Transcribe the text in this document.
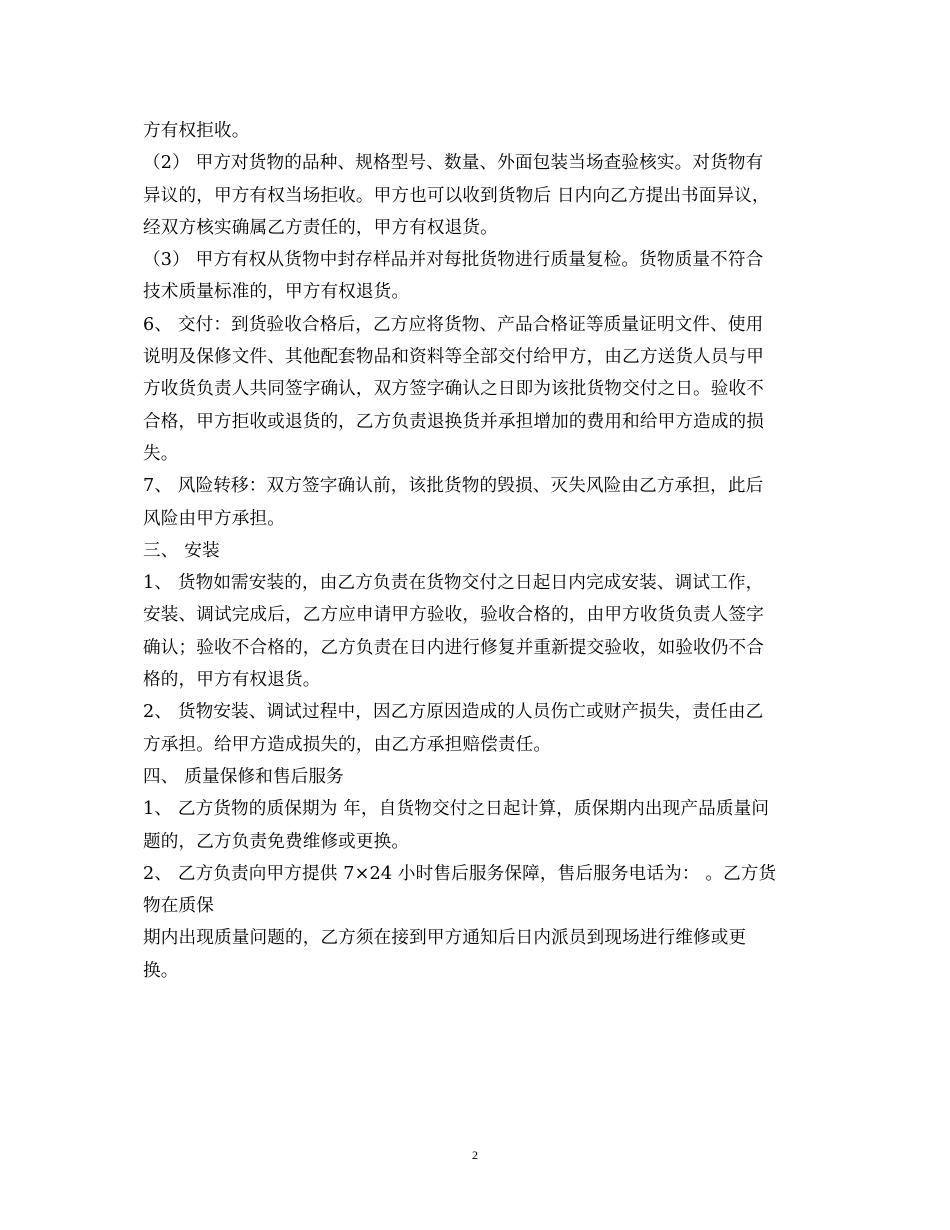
方有权拒收。
（2） 甲方对货物的品种、规格型号、数量、外面包装当场查验核实。对货物有
异议的，甲方有权当场拒收。甲方也可以收到货物后 日内向乙方提出书面异议，
经双方核实确属乙方责任的，甲方有权退货。
（3） 甲方有权从货物中封存样品并对每批货物进行质量复检。货物质量不符合
技术质量标准的，甲方有权退货。
6、 交付：到货验收合格后，乙方应将货物、产品合格证等质量证明文件、使用
说明及保修文件、其他配套物品和资料等全部交付给甲方，由乙方送货人员与甲
方收货负责人共同签字确认，双方签字确认之日即为该批货物交付之日。验收不
合格，甲方拒收或退货的，乙方负责退换货并承担增加的费用和给甲方造成的损
失。
7、 风险转移：双方签字确认前，该批货物的毁损、灭失风险由乙方承担，此后
风险由甲方承担。
三、 安装
1、 货物如需安装的，由乙方负责在货物交付之日起日内完成安装、调试工作，
安装、调试完成后，乙方应申请甲方验收，验收合格的，由甲方收货负责人签字
确认；验收不合格的，乙方负责在日内进行修复并重新提交验收，如验收仍不合
格的，甲方有权退货。
2、 货物安装、调试过程中，因乙方原因造成的人员伤亡或财产损失，责任由乙
方承担。给甲方造成损失的，由乙方承担赔偿责任。
四、 质量保修和售后服务
1、 乙方货物的质保期为 年，自货物交付之日起计算，质保期内出现产品质量问
题的，乙方负责免费维修或更换。
2、 乙方负责向甲方提供 7×24 小时售后服务保障，售后服务电话为： 。乙方货
物在质保
期内出现质量问题的，乙方须在接到甲方通知后日内派员到现场进行维修或更
换。
2
